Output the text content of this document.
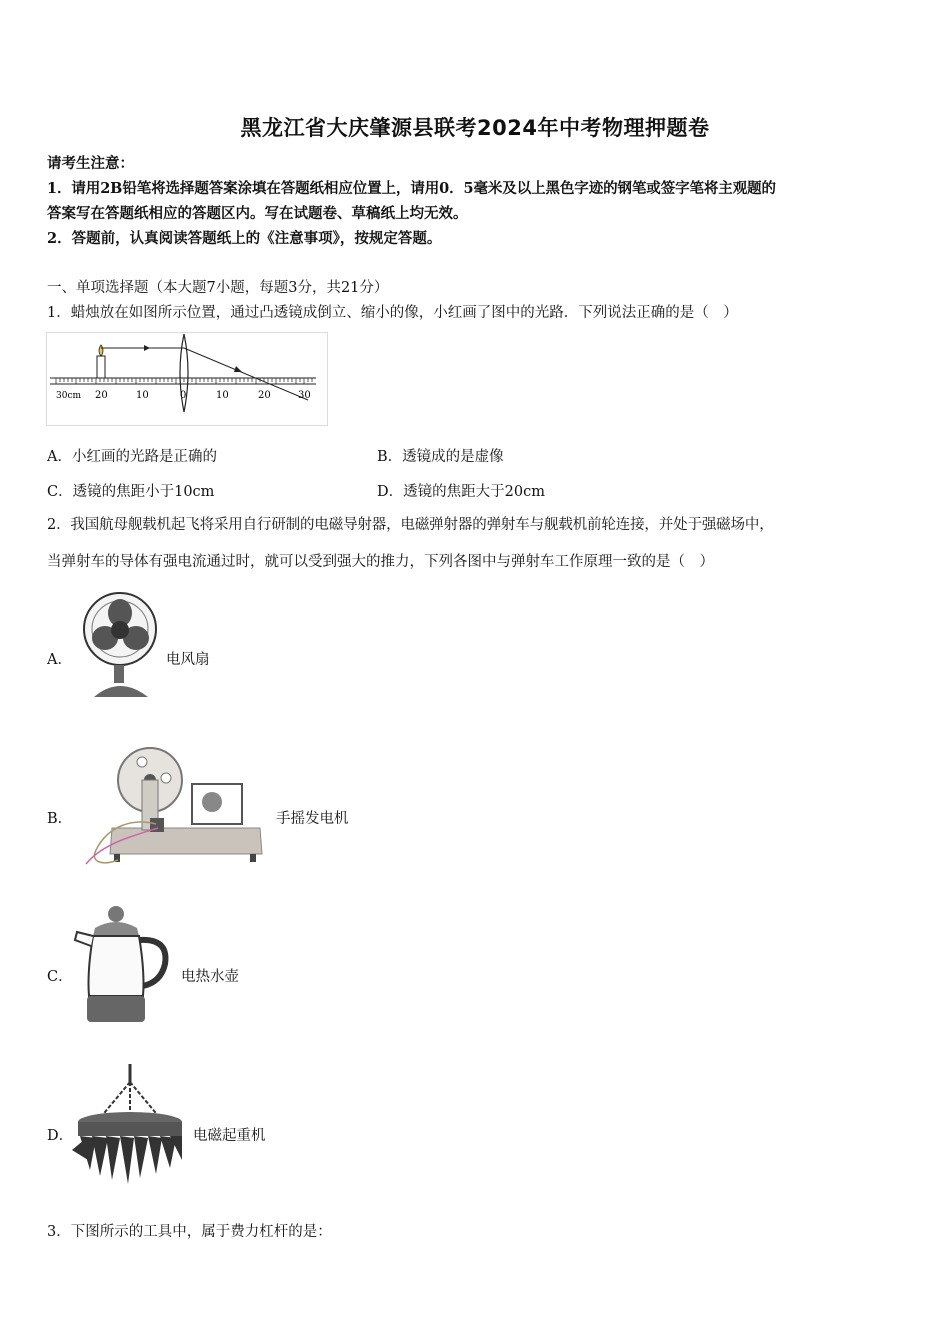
黑龙江省大庆肇源县联考2024年中考物理押题卷
请考生注意：
1．请用2B铅笔将选择题答案涂填在答题纸相应位置上，请用0．5毫米及以上黑色字迹的钢笔或签字笔将主观题的
答案写在答题纸相应的答题区内。写在试题卷、草稿纸上均无效。
2．答题前，认真阅读答题纸上的《注意事项》，按规定答题。
一、单项选择题（本大题7小题，每题3分，共21分）
1．蜡烛放在如图所示位置，通过凸透镜成倒立、缩小的像，小红画了图中的光路．下列说法正确的是（　）
30cm 20	10	0	10	20	30
A．小红画的光路是正确的	B．透镜成的是虚像
C．透镜的焦距小于10cm	D．透镜的焦距大于20cm
2．我国航母舰载机起飞将采用自行研制的电磁导射器，电磁弹射器的弹射车与舰载机前轮连接，并处于强磁场中，
当弹射车的导体有强电流通过时，就可以受到强大的推力，下列各图中与弹射车工作原理一致的是（　）
A．	电风扇
B．	手摇发电机
C．	电热水壶
D．	电磁起重机
3．下图所示的工具中，属于费力杠杆的是：
